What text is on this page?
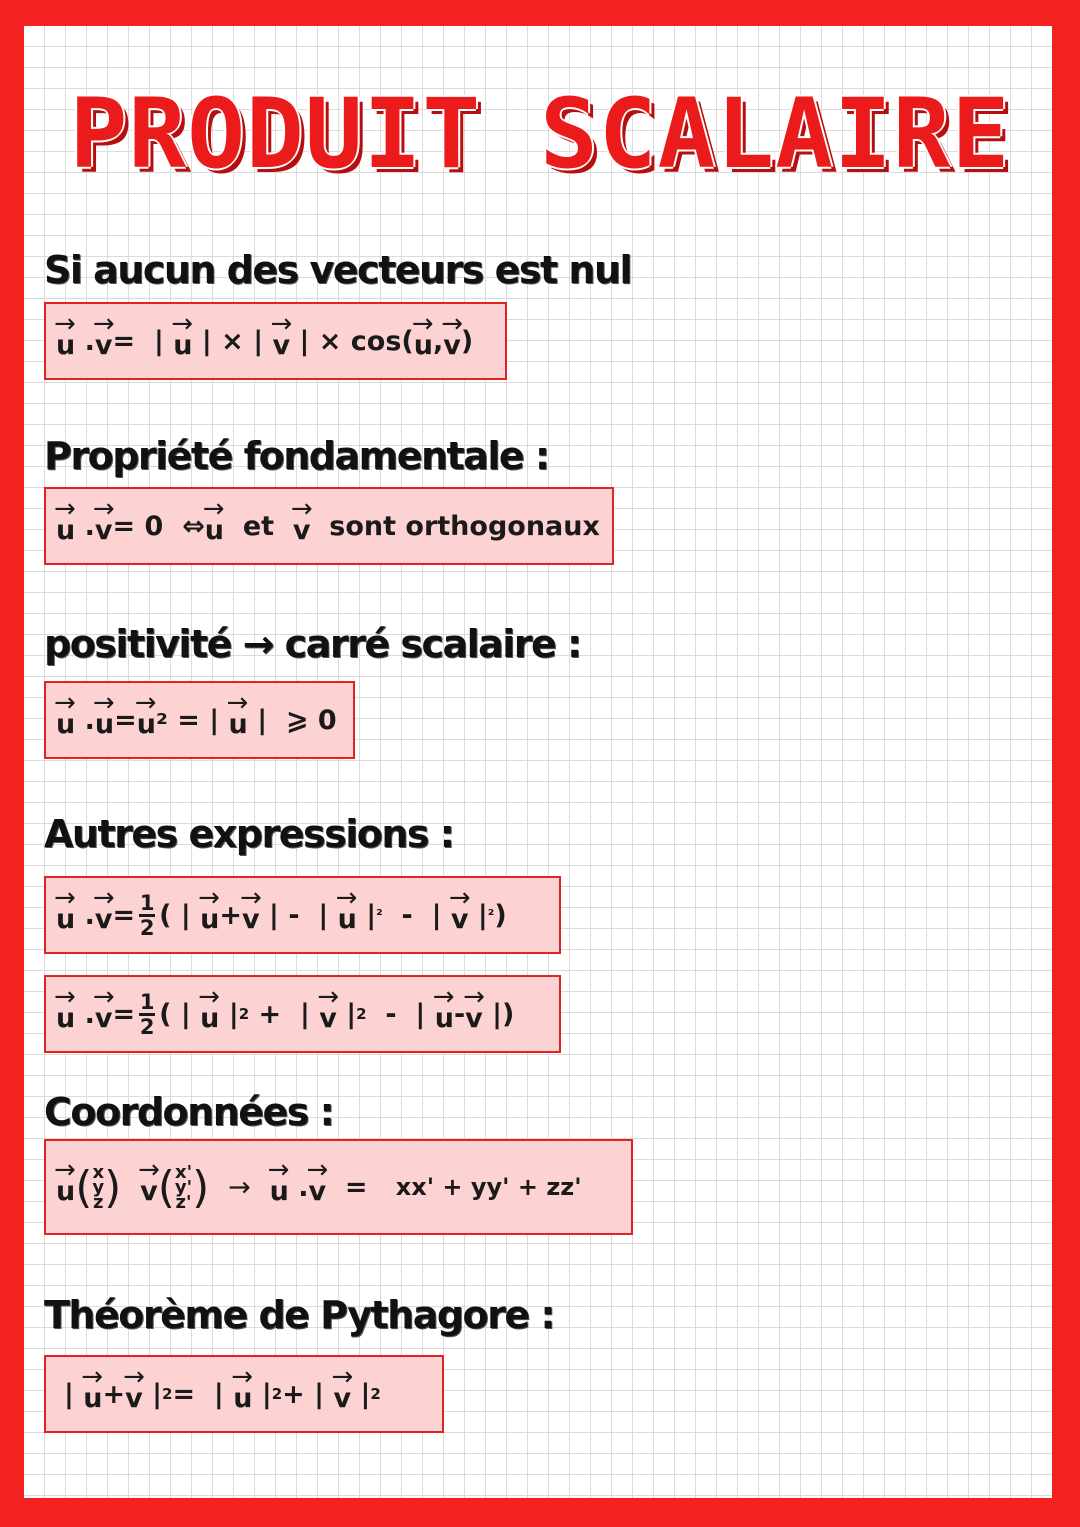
PRODUIT SCALAIRE
Si aucun des vecteurs est nul
→ u
. → v =
|
→ u
|
×
|
→ v
|
×
cos( → u , → v )
Propriété fondamentale :
→ u
. → v = 0
⇔ → u
et
→ v
sont orthogonaux
positivité → carré scalaire :
→ u
. → u = → u²
=
|
→ u
|
⩾ 0
Autres expressions :
→ u
. → $v = \frac{1}{2}$ (
|
→ u + → v
|
-
|
→ u
| ²
-
|
→ v
| ² )
→ u
. → $v = \frac{1}{2}$ (
|
→ u
| 2
+
|
→ v
| 2
-
|
→ u - → v
| )
Coordonnées :
→ u ( x
y
z )
→ v ( x'
y'
z' )
→
→ u
. → v
=
xx' + yy' + zz'
Théorème de Pythagore :
|
→ u + → v
| 2 =
|
→ u
| 2 +
|
→ v
| 2
